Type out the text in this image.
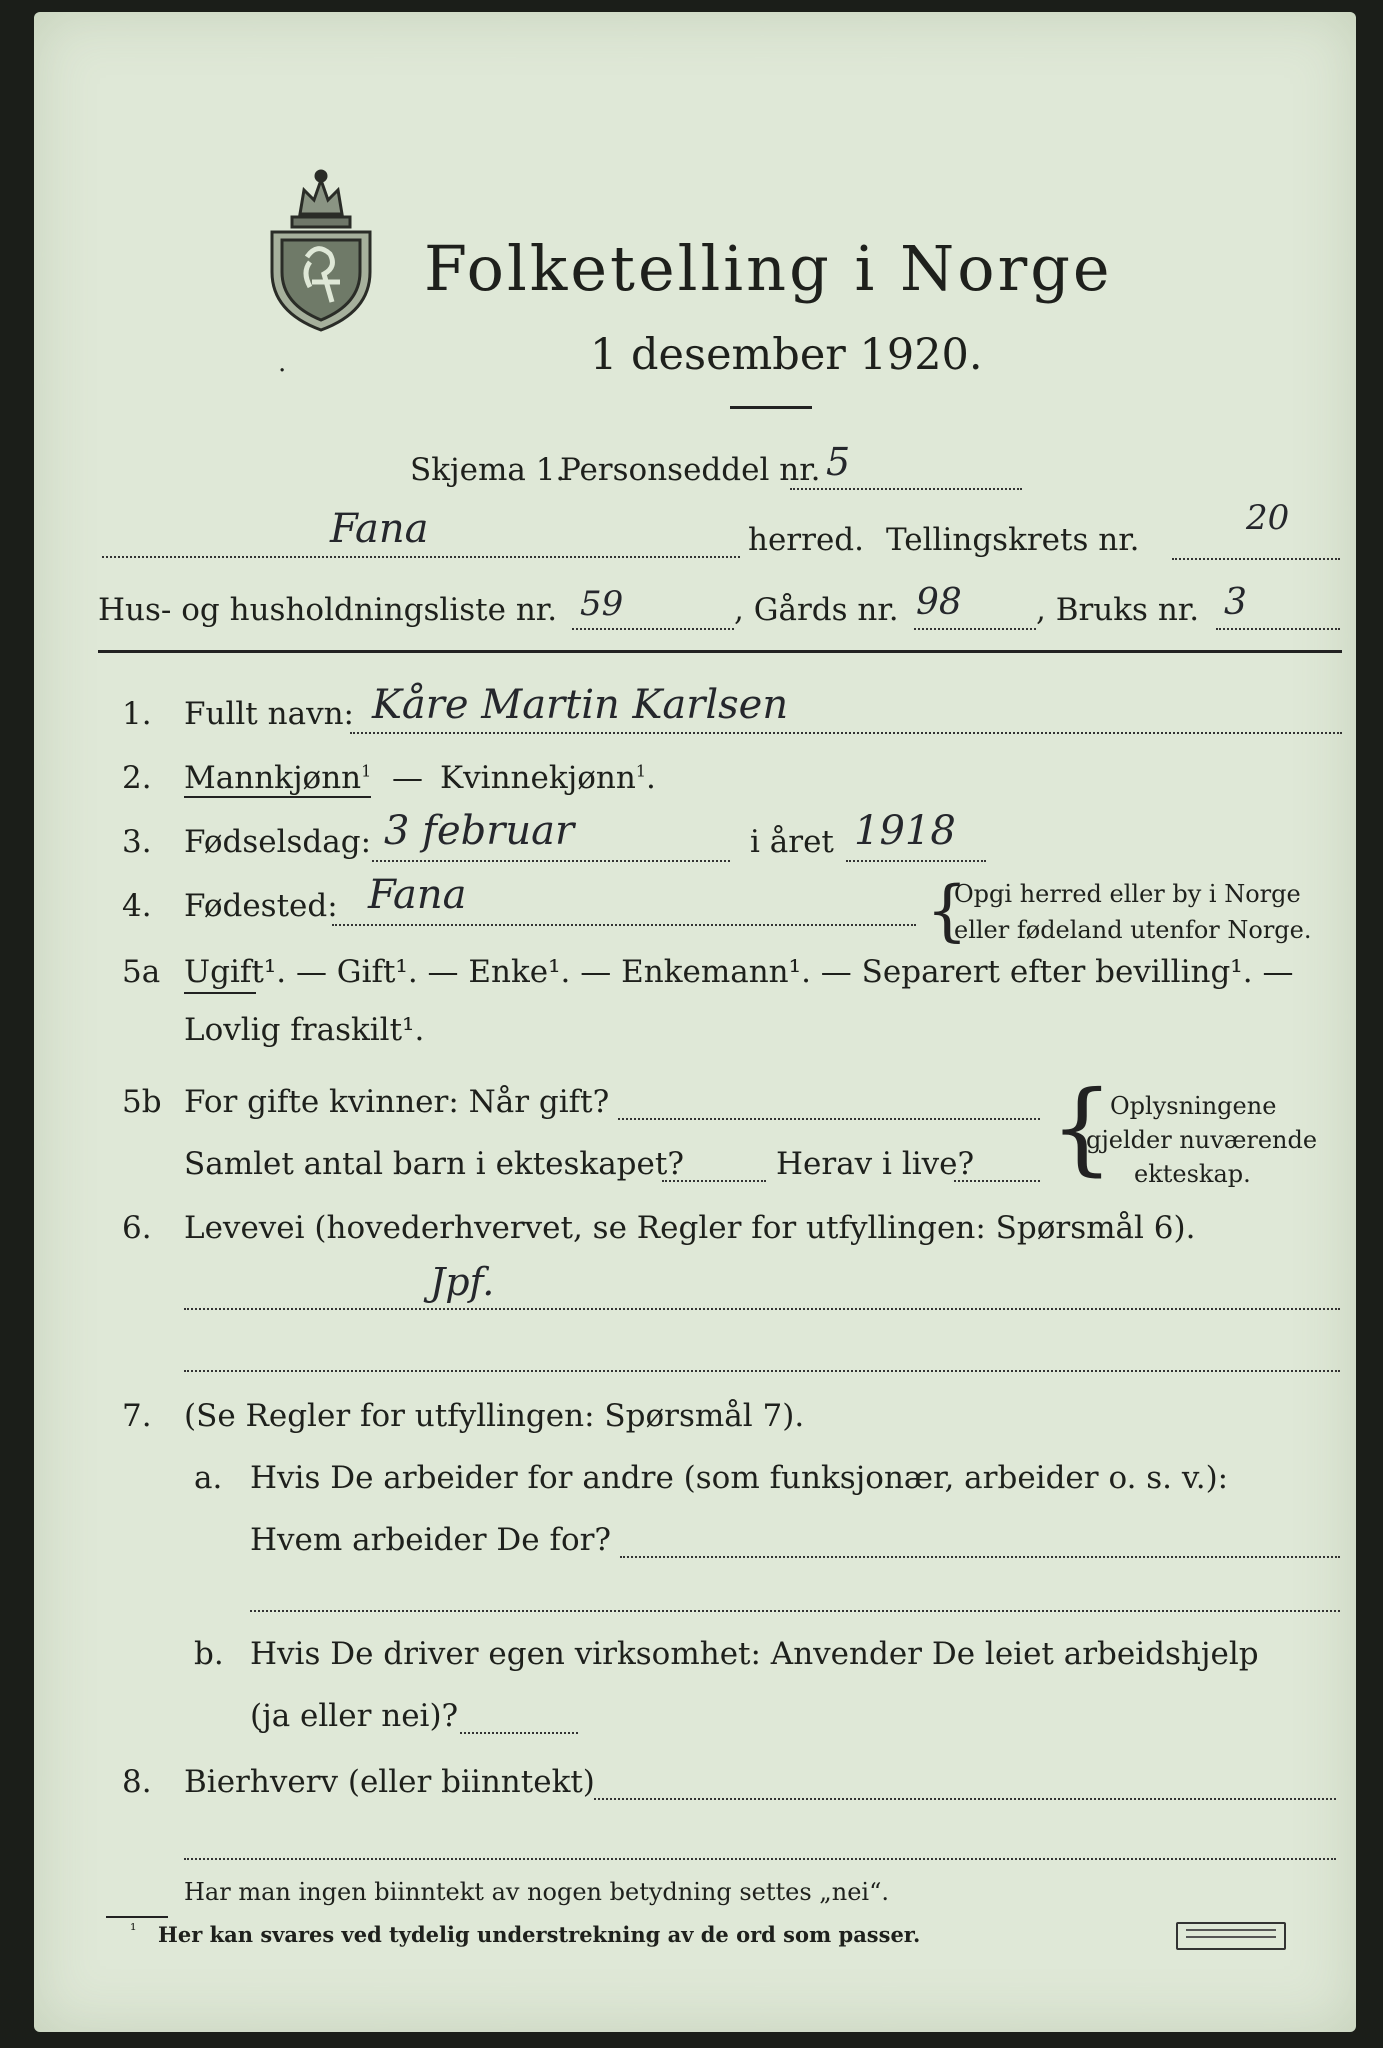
.
Folketelling i Norge
1 desember 1920.
Skjema 1.
Personseddel nr. 5
Fana	herred. Tellingskrets nr.
20
Hus- og husholdningsliste nr. 59	, Gårds nr. 98 , Bruks nr. 3
1. Fullt navn: Kåre Martin Karlsen
2. Mannkjønn$^1$ — Kvinnekjønn$^1$.
3. Fødselsdag: 3 februar	i året 1918
4. Fødested: Fana	{
Opgi herred eller by i Norge
eller fødeland utenfor Norge.
5a Ugift¹. — Gift¹. — Enke¹. — Enkemann¹. — Separert efter bevilling¹. —
Lovlig fraskilt¹.
5b For gifte kvinner: Når gift?
Samlet antal barn i ekteskapet?	Herav i live? {
Oplysningene
gjelder nuværende
ekteskap.
6. Levevei (hovederhvervet, se Regler for utfyllingen: Spørsmål 6).
Jpf.
7. (Se Regler for utfyllingen: Spørsmål 7).
a. Hvis De arbeider for andre (som funksjonær, arbeider o. s. v.):
Hvem arbeider De for?
b. Hvis De driver egen virksomhet: Anvender De leiet arbeidshjelp
(ja eller nei)?
8. Bierhverv (eller biinntekt)
Har man ingen biinntekt av nogen betydning settes „nei“.
¹ Her kan svares ved tydelig understrekning av de ord som passer.
